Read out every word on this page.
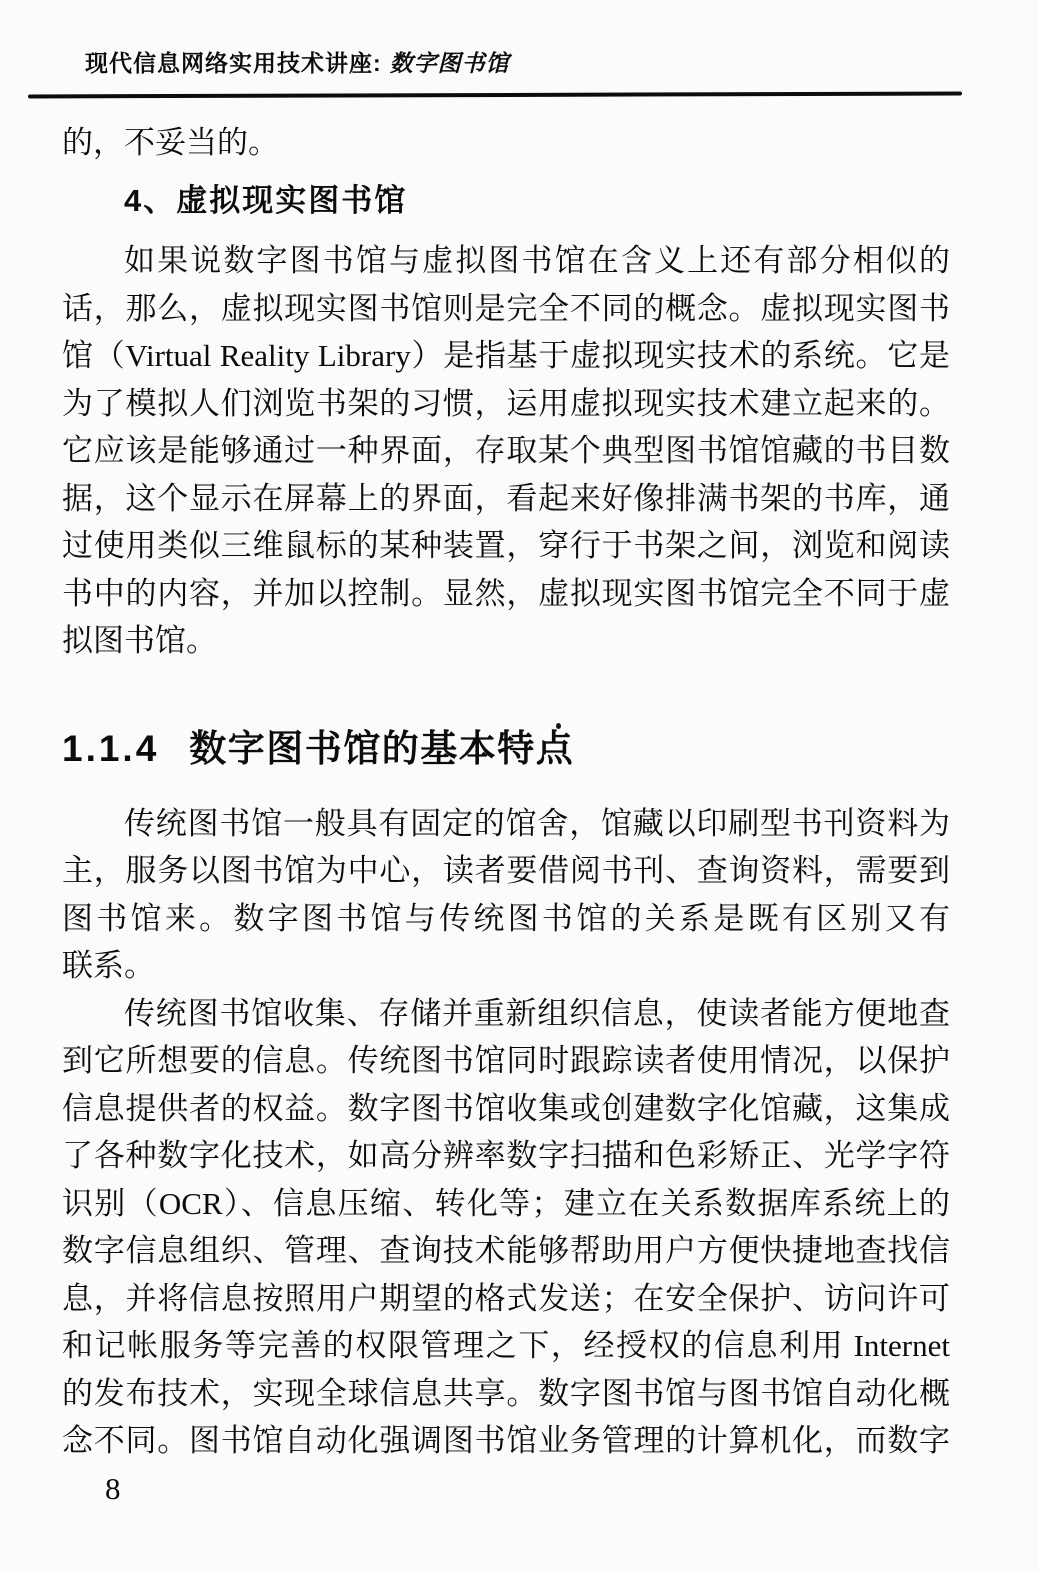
现代信息网络实用技术讲座: 数字图书馆
的，不妥当的。
4、虚拟现实图书馆
如果说数字图书馆与虚拟图书馆在含义上还有部分相似的
话，那么，虚拟现实图书馆则是完全不同的概念。虚拟现实图书
馆（Virtual Reality Library）是指基于虚拟现实技术的系统。它是
为了模拟人们浏览书架的习惯，运用虚拟现实技术建立起来的。
它应该是能够通过一种界面，存取某个典型图书馆馆藏的书目数
据，这个显示在屏幕上的界面，看起来好像排满书架的书库，通
过使用类似三维鼠标的某种装置，穿行于书架之间，浏览和阅读
书中的内容，并加以控制。显然，虚拟现实图书馆完全不同于虚
拟图书馆。
1.1.4 数字图书馆的基本特点
传统图书馆一般具有固定的馆舍，馆藏以印刷型书刊资料为
主，服务以图书馆为中心，读者要借阅书刊、查询资料，需要到
图书馆来。数字图书馆与传统图书馆的关系是既有区别又有
联系。
传统图书馆收集、存储并重新组织信息，使读者能方便地查
到它所想要的信息。传统图书馆同时跟踪读者使用情况，以保护
信息提供者的权益。数字图书馆收集或创建数字化馆藏，这集成
了各种数字化技术，如高分辨率数字扫描和色彩矫正、光学字符
识别（OCR）、信息压缩、转化等；建立在关系数据库系统上的
数字信息组织、管理、查询技术能够帮助用户方便快捷地查找信
息，并将信息按照用户期望的格式发送；在安全保护、访问许可
和记帐服务等完善的权限管理之下，经授权的信息利用 Internet
的发布技术，实现全球信息共享。数字图书馆与图书馆自动化概
念不同。图书馆自动化强调图书馆业务管理的计算机化，而数字
8
